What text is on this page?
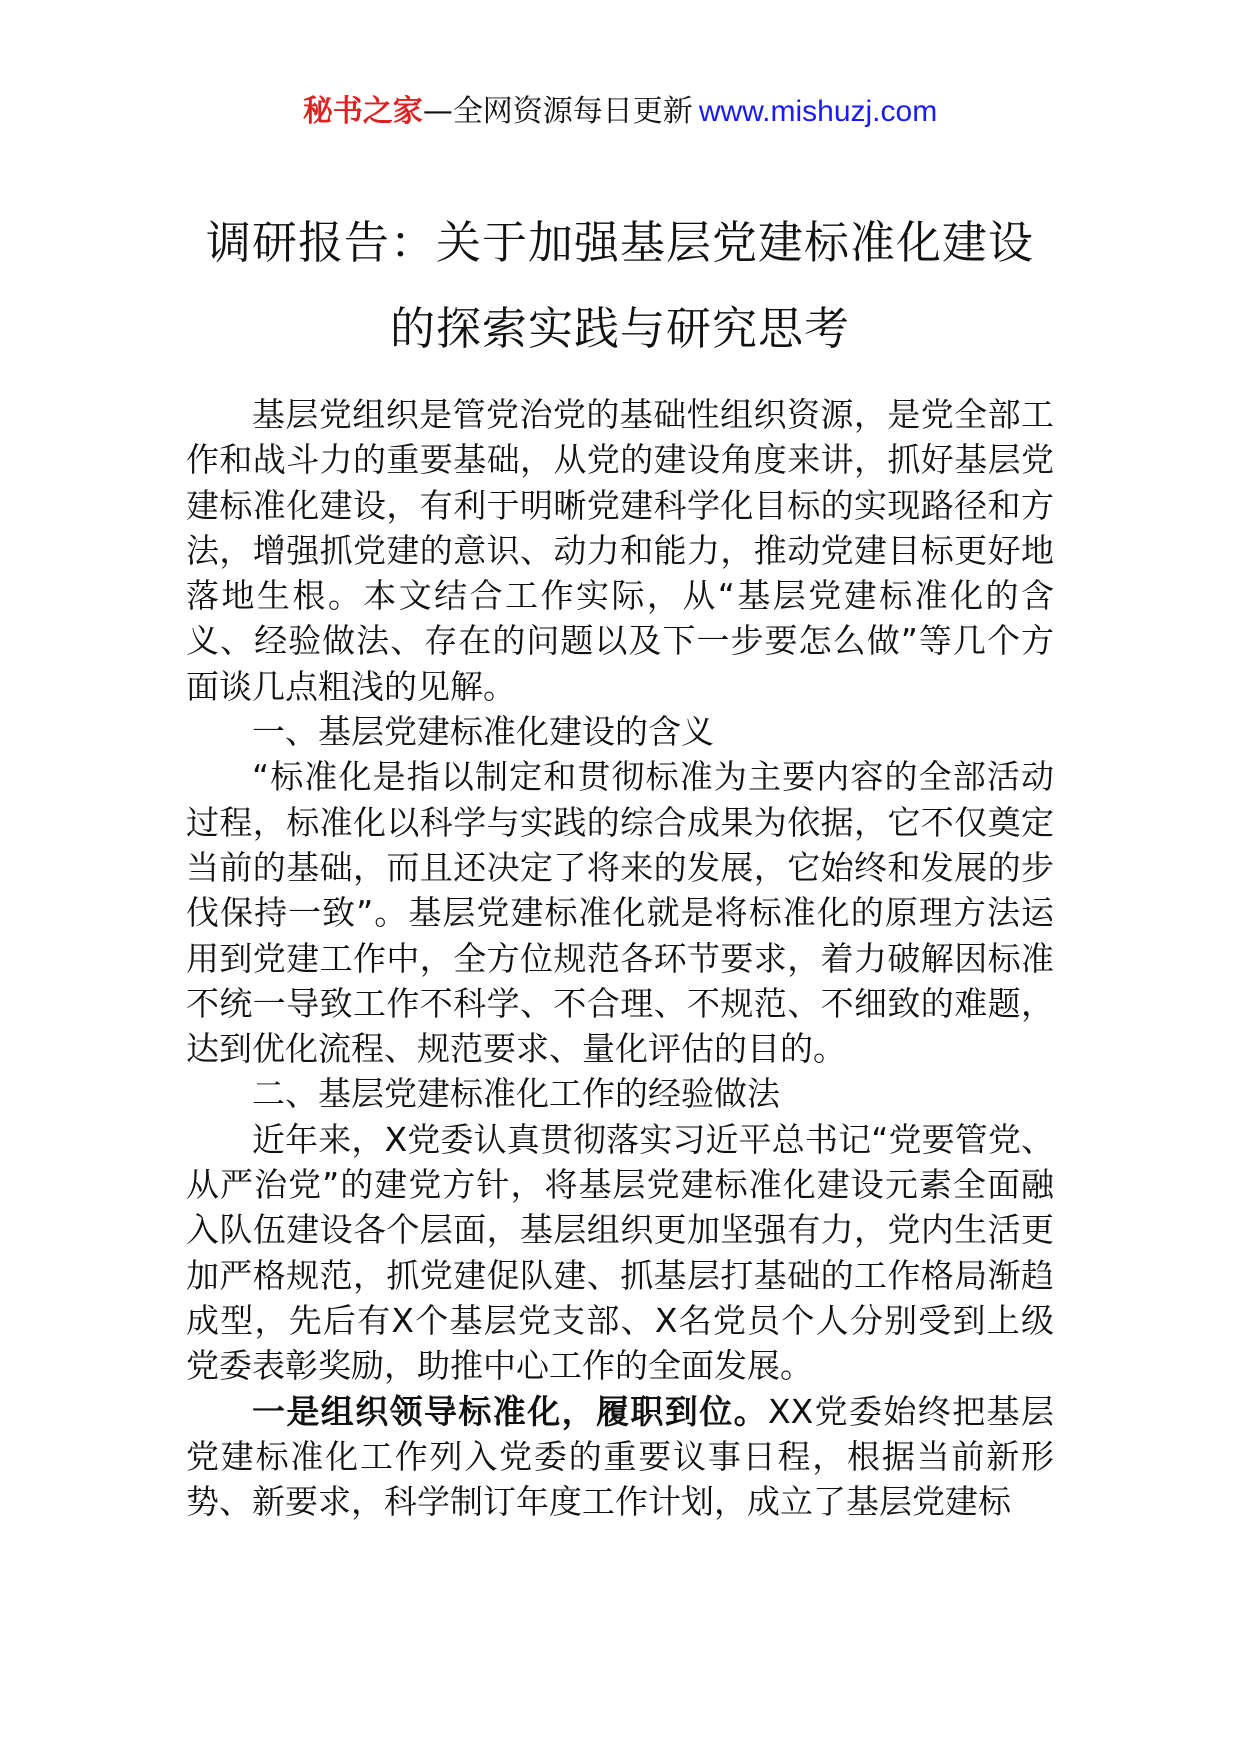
秘书之家—全网资源每日更新 www.mishuzj.com
调研报告：关于加强基层党建标准化建设
的探索实践与研究思考

基层党组织是管党治党的基础性组织资源，是党全部工作和战斗力的重要基础，从党的建设角度来讲，抓好基层党建标准化建设，有利于明晰党建科学化目标的实现路径和方法，增强抓党建的意识、动力和能力，推动党建目标更好地落地生根。本文结合工作实际，从“基层党建标准化的含义、经验做法、存在的问题以及下一步要怎么做”等几个方面谈几点粗浅的见解。

一、基层党建标准化建设的含义

“标准化是指以制定和贯彻标准为主要内容的全部活动过程，标准化以科学与实践的综合成果为依据，它不仅奠定当前的基础，而且还决定了将来的发展，它始终和发展的步伐保持一致”。基层党建标准化就是将标准化的原理方法运用到党建工作中，全方位规范各环节要求，着力破解因标准不统一导致工作不科学、不合理、不规范、不细致的难题，达到优化流程、规范要求、量化评估的目的。

二、基层党建标准化工作的经验做法

近年来，X党委认真贯彻落实习近平总书记“党要管党、从严治党”的建党方针，将基层党建标准化建设元素全面融入队伍建设各个层面，基层组织更加坚强有力，党内生活更加严格规范，抓党建促队建、抓基层打基础的工作格局渐趋成型，先后有X个基层党支部、X名党员个人分别受到上级党委表彰奖励，助推中心工作的全面发展。

一是组织领导标准化，履职到位。XX党委始终把基层党建标准化工作列入党委的重要议事日程，根据当前新形势、新要求，科学制订年度工作计划，成立了基层党建标
